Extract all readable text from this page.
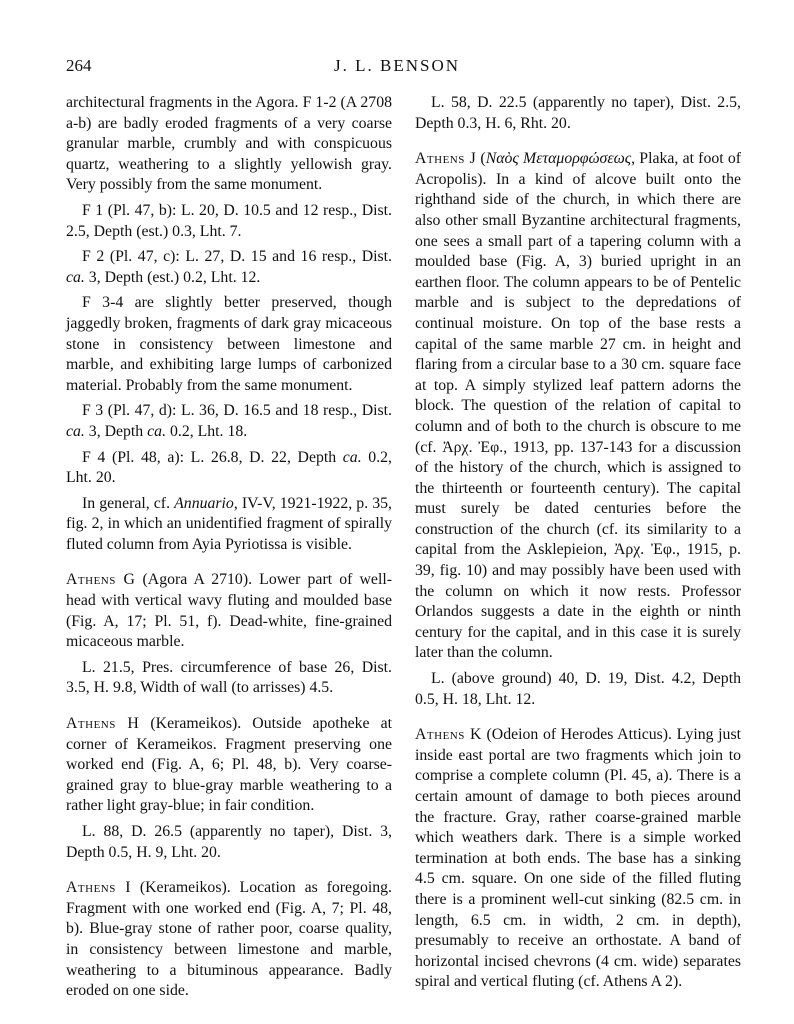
264	J. L. BENSON

architectural fragments in the Agora. F 1-2 (A 2708 a-b) are badly eroded fragments of a very coarse granular marble, crumbly and with conspicuous quartz, weathering to a slightly yellowish gray. Very possibly from the same monument.

F 1 (Pl. 47, b): L. 20, D. 10.5 and 12 resp., Dist. 2.5, Depth (est.) 0.3, Lht. 7.

F 2 (Pl. 47, c): L. 27, D. 15 and 16 resp., Dist. ca. 3, Depth (est.) 0.2, Lht. 12.

F 3-4 are slightly better preserved, though jaggedly broken, fragments of dark gray micaceous stone in consistency between limestone and marble, and exhibiting large lumps of carbonized material. Probably from the same monument.

F 3 (Pl. 47, d): L. 36, D. 16.5 and 18 resp., Dist. ca. 3, Depth ca. 0.2, Lht. 18.

F 4 (Pl. 48, a): L. 26.8, D. 22, Depth ca. 0.2, Lht. 20.

In general, cf. Annuario, IV-V, 1921-1922, p. 35, fig. 2, in which an unidentified fragment of spirally fluted column from Ayia Pyriotissa is visible.

Athens G (Agora A 2710). Lower part of well-head with vertical wavy fluting and moulded base (Fig. A, 17; Pl. 51, f). Dead-white, fine-grained micaceous marble.

L. 21.5, Pres. circumference of base 26, Dist. 3.5, H. 9.8, Width of wall (to arrisses) 4.5.

Athens H (Kerameikos). Outside apotheke at corner of Kerameikos. Fragment preserving one worked end (Fig. A, 6; Pl. 48, b). Very coarse-grained gray to blue-gray marble weathering to a rather light gray-blue; in fair condition.

L. 88, D. 26.5 (apparently no taper), Dist. 3, Depth 0.5, H. 9, Lht. 20.

Athens I (Kerameikos). Location as foregoing. Fragment with one worked end (Fig. A, 7; Pl. 48, b). Blue-gray stone of rather poor, coarse quality, in consistency between limestone and marble, weathering to a bituminous appearance. Badly eroded on one side.

L. 58, D. 22.5 (apparently no taper), Dist. 2.5, Depth 0.3, H. 6, Rht. 20.

Athens J (Ναὸς Μεταμορφώσεως, Plaka, at foot of Acropolis). In a kind of alcove built onto the righthand side of the church, in which there are also other small Byzantine architectural fragments, one sees a small part of a tapering column with a moulded base (Fig. A, 3) buried upright in an earthen floor. The column appears to be of Pentelic marble and is subject to the depredations of continual moisture. On top of the base rests a capital of the same marble 27 cm. in height and flaring from a circular base to a 30 cm. square face at top. A simply stylized leaf pattern adorns the block. The question of the relation of capital to column and of both to the church is obscure to me (cf. Ἀρχ. Ἐφ., 1913, pp. 137-143 for a discussion of the history of the church, which is assigned to the thirteenth or fourteenth century). The capital must surely be dated centuries before the construction of the church (cf. its similarity to a capital from the Asklepieion, Ἀρχ. Ἐφ., 1915, p. 39, fig. 10) and may possibly have been used with the column on which it now rests. Professor Orlandos suggests a date in the eighth or ninth century for the capital, and in this case it is surely later than the column.

L. (above ground) 40, D. 19, Dist. 4.2, Depth 0.5, H. 18, Lht. 12.

Athens K (Odeion of Herodes Atticus). Lying just inside east portal are two fragments which join to comprise a complete column (Pl. 45, a). There is a certain amount of damage to both pieces around the fracture. Gray, rather coarse-grained marble which weathers dark. There is a simple worked termination at both ends. The base has a sinking 4.5 cm. square. On one side of the filled fluting there is a prominent well-cut sinking (82.5 cm. in length, 6.5 cm. in width, 2 cm. in depth), presumably to receive an orthostate. A band of horizontal incised chevrons (4 cm. wide) separates spiral and vertical fluting (cf. Athens A 2).
